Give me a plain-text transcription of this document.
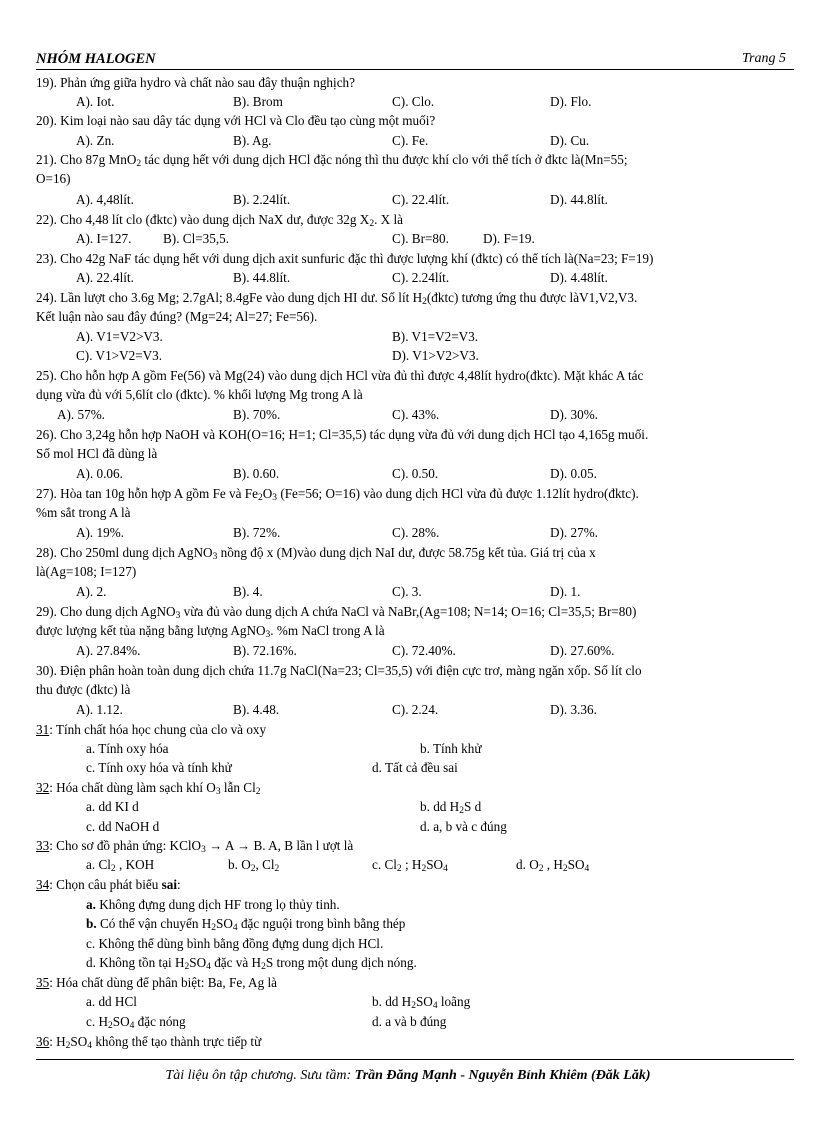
NHÓM HALOGEN	Trang 5
19). Phản ứng giữa hydro và chất nào sau đây thuận nghịch?
A). Iot.	B). Brom	C). Clo.	D). Flo.
20). Kim loại nào sau dây tác dụng với HCl và Clo đều tạo cùng một muối?
A). Zn.	B). Ag.	C). Fe.	D). Cu.
21). Cho 87g MnO$_2$ tác dụng hết với dung dịch HCl đặc nóng thì thu được khí clo với thể tích ở đktc là(Mn=55;
O=16)
A). 4,48lít.	B). 2.24lít.	C). 22.4lít.	D). 44.8lít.
22). Cho 4,48 lít clo (đktc) vào dung dịch NaX dư, được 32g $X_2$. X là
A). I=127. B). Cl=35,5.	C). Br=80.	D). F=19.
23). Cho 42g NaF tác dụng hết với dung dịch axit sunfuric đặc thì được lượng khí (đktc) có thể tích là(Na=23; F=19)
A). 22.4lít.	B). 44.8lít.	C). 2.24lít.	D). 4.48lít.
24). Lần lượt cho 3.6g Mg; 2.7gAl; 8.4gFe vào dung dịch HI dư. Số lít $H_2(đktc)$ tương ứng thu được làV1,V2,V3.
Kết luận nào sau đây đúng? (Mg=24; Al=27; Fe=56).
A). V1=V2>V3.	B). V1=V2=V3.
C). V1>V2=V3.	D). V1>V2>V3.
25). Cho hỗn hợp A gồm Fe(56) và Mg(24) vào dung dịch HCl vừa đủ thì được 4,48lít hydro(đktc). Mặt khác A tác
dụng vừa đủ với 5,6lít clo (đktc). % khối lượng Mg trong A là
A). 57%.	B). 70%.	C). 43%.	D). 30%.
26). Cho 3,24g hỗn hợp NaOH và KOH(O=16; H=1; Cl=35,5) tác dụng vừa đủ với dung dịch HCl tạo 4,165g muối.
Số mol HCl đã dùng là
A). 0.06.	B). 0.60.	C). 0.50.	D). 0.05.
27). Hòa tan 10g hỗn hợp A gồm Fe và $Fe_2O_3$ (Fe=56; O=16) vào dung dịch HCl vừa đủ được 1.12lít hydro(đktc).
%m sắt trong A là
A). 19%.	B). 72%.	C). 28%.	D). 27%.
28). Cho 250ml dung dịch AgNO$_3$ nồng độ x (M)vào dung dịch NaI dư, được 58.75g kết tủa. Giá trị của x
là(Ag=108; I=127)
A). 2.	B). 4.	C). 3.	D). 1.
29). Cho dung dịch AgNO$_3$ vừa đủ vào dung dịch A chứa NaCl và NaBr,(Ag=108; N=14; O=16; Cl=35,5; Br=80)
được lượng kết tủa nặng bằng lượng AgNO$_3$. %m NaCl trong A là
A). 27.84%.	B). 72.16%.	C). 72.40%.	D). 27.60%.
30). Điện phân hoàn toàn dung dịch chứa 11.7g NaCl(Na=23; Cl=35,5) với điện cực trơ, màng ngăn xốp. Số lít clo
thu được (đktc) là
A). 1.12.	B). 4.48.	C). 2.24.	D). 3.36.
31: Tính chất hóa học chung của clo và oxy
a. Tính oxy hóa	b. Tính khử
c. Tính oxy hóa và tính khử	d. Tất cả đều sai
32: Hóa chất dùng làm sạch khí $O_3$ lẫn $Cl_2$
a. dd KI d	b. dd $H_2S$ d
c. dd NaOH d	d. a, b và c đúng
33: Cho sơ đồ phản ứng: KClO$_3$ → A → B. A, B lần l ượt là
a. $Cl_2$ , KOH	b. $O_2$, $Cl_2$	c. $Cl_2$ ; $H_2SO_4$	d. $O_2$ , $H_2SO_4$
34: Chọn câu phát biểu sai:
a. Không đựng dung dịch HF trong lọ thủy tinh.
b. Có thể vận chuyển $H_2SO_4$ đặc nguội trong bình bằng thép
c. Không thể dùng bình bằng đồng đựng dung dịch HCl.
d. Không tồn tại $H_2SO_4$ đặc và $H_2S$ trong một dung dịch nóng.
35: Hóa chất dùng để phân biệt: Ba, Fe, Ag là
a. dd HCl	b. dd $H_2SO_4$ loãng
c. $H_2SO_4$ đặc nóng	d. a và b đúng
36: $H_2SO_4$ không thể tạo thành trực tiếp từ
Tài liệu ôn tập chương. Sưu tầm: Trần Đăng Mạnh - Nguyễn Bỉnh Khiêm (Đăk Lăk)
